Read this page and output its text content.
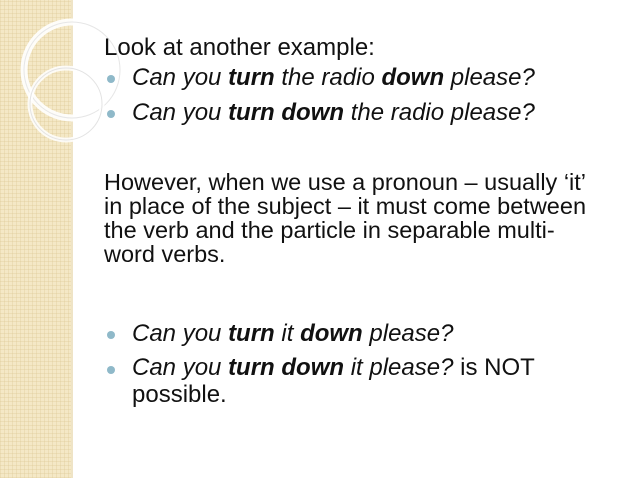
Look at another example:
Can you turn the radio down please?
Can you turn down the radio please?
However, when we use a pronoun – usually ‘it’ in place of the subject – it must come between the verb and the particle in separable multi-word verbs.
Can you turn it down please?
Can you turn down it please? is NOT possible.
